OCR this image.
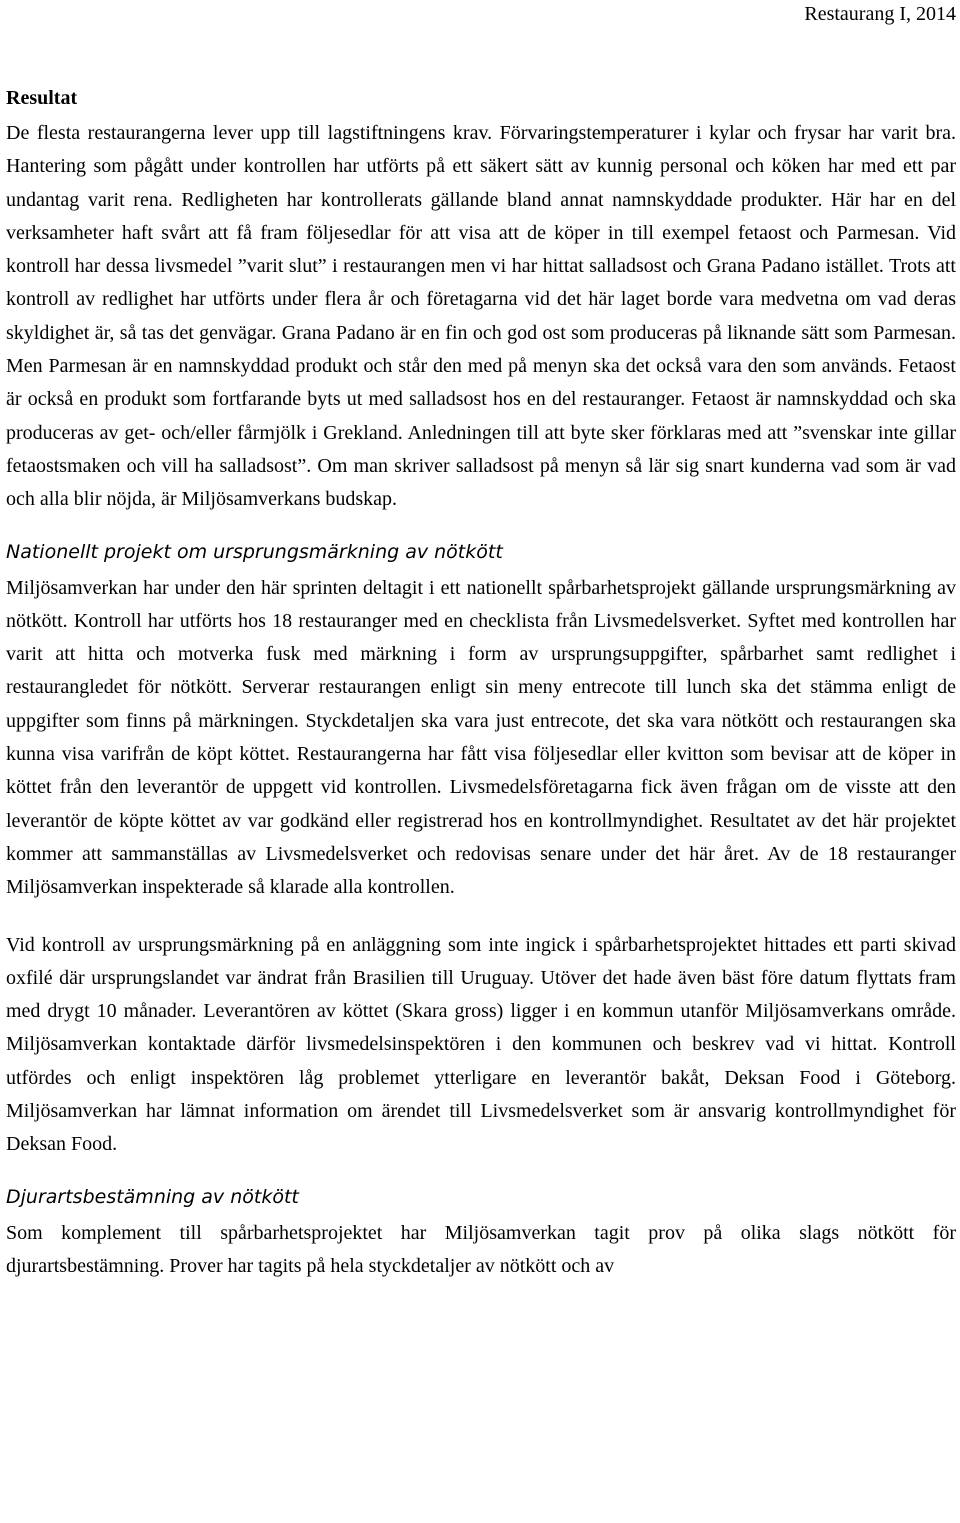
Restaurang I, 2014
Resultat

De flesta restaurangerna lever upp till lagstiftningens krav. Förvaringstemperaturer i kylar och frysar har varit bra. Hantering som pågått under kontrollen har utförts på ett säkert sätt av kunnig personal och köken har med ett par undantag varit rena. Redligheten har kontrollerats gällande bland annat namnskyddade produkter. Här har en del verksamheter haft svårt att få fram följesedlar för att visa att de köper in till exempel fetaost och Parmesan. Vid kontroll har dessa livsmedel ”varit slut” i restaurangen men vi har hittat salladsost och Grana Padano istället. Trots att kontroll av redlighet har utförts under flera år och företagarna vid det här laget borde vara medvetna om vad deras skyldighet är, så tas det genvägar. Grana Padano är en fin och god ost som produceras på liknande sätt som Parmesan. Men Parmesan är en namnskyddad produkt och står den med på menyn ska det också vara den som används. Fetaost är också en produkt som fortfarande byts ut med salladsost hos en del restauranger. Fetaost är namnskyddad och ska produceras av get- och/eller fårmjölk i Grekland. Anledningen till att byte sker förklaras med att ”svenskar inte gillar fetaostsmaken och vill ha salladsost”. Om man skriver salladsost på menyn så lär sig snart kunderna vad som är vad och alla blir nöjda, är Miljösamverkans budskap.

Nationellt projekt om ursprungsmärkning av nötkött

Miljösamverkan har under den här sprinten deltagit i ett nationellt spårbarhetsprojekt gällande ursprungsmärkning av nötkött. Kontroll har utförts hos 18 restauranger med en checklista från Livsmedelsverket. Syftet med kontrollen har varit att hitta och motverka fusk med märkning i form av ursprungsuppgifter, spårbarhet samt redlighet i restaurangledet för nötkött. Serverar restaurangen enligt sin meny entrecote till lunch ska det stämma enligt de uppgifter som finns på märkningen. Styckdetaljen ska vara just entrecote, det ska vara nötkött och restaurangen ska kunna visa varifrån de köpt köttet. Restaurangerna har fått visa följesedlar eller kvitton som bevisar att de köper in köttet från den leverantör de uppgett vid kontrollen. Livsmedelsföretagarna fick även frågan om de visste att den leverantör de köpte köttet av var godkänd eller registrerad hos en kontrollmyndighet. Resultatet av det här projektet kommer att sammanställas av Livsmedelsverket och redovisas senare under det här året. Av de 18 restauranger Miljösamverkan inspekterade så klarade alla kontrollen.

Vid kontroll av ursprungsmärkning på en anläggning som inte ingick i spårbarhetsprojektet hittades ett parti skivad oxfilé där ursprungslandet var ändrat från Brasilien till Uruguay. Utöver det hade även bäst före datum flyttats fram med drygt 10 månader. Leverantören av köttet (Skara gross) ligger i en kommun utanför Miljösamverkans område. Miljösamverkan kontaktade därför livsmedelsinspektören i den kommunen och beskrev vad vi hittat. Kontroll utfördes och enligt inspektören låg problemet ytterligare en leverantör bakåt, Deksan Food i Göteborg. Miljösamverkan har lämnat information om ärendet till Livsmedelsverket som är ansvarig kontrollmyndighet för Deksan Food.

Djurartsbestämning av nötkött

Som komplement till spårbarhetsprojektet har Miljösamverkan tagit prov på olika slags nötkött för djurartsbestämning. Prover har tagits på hela styckdetaljer av nötkött och av
